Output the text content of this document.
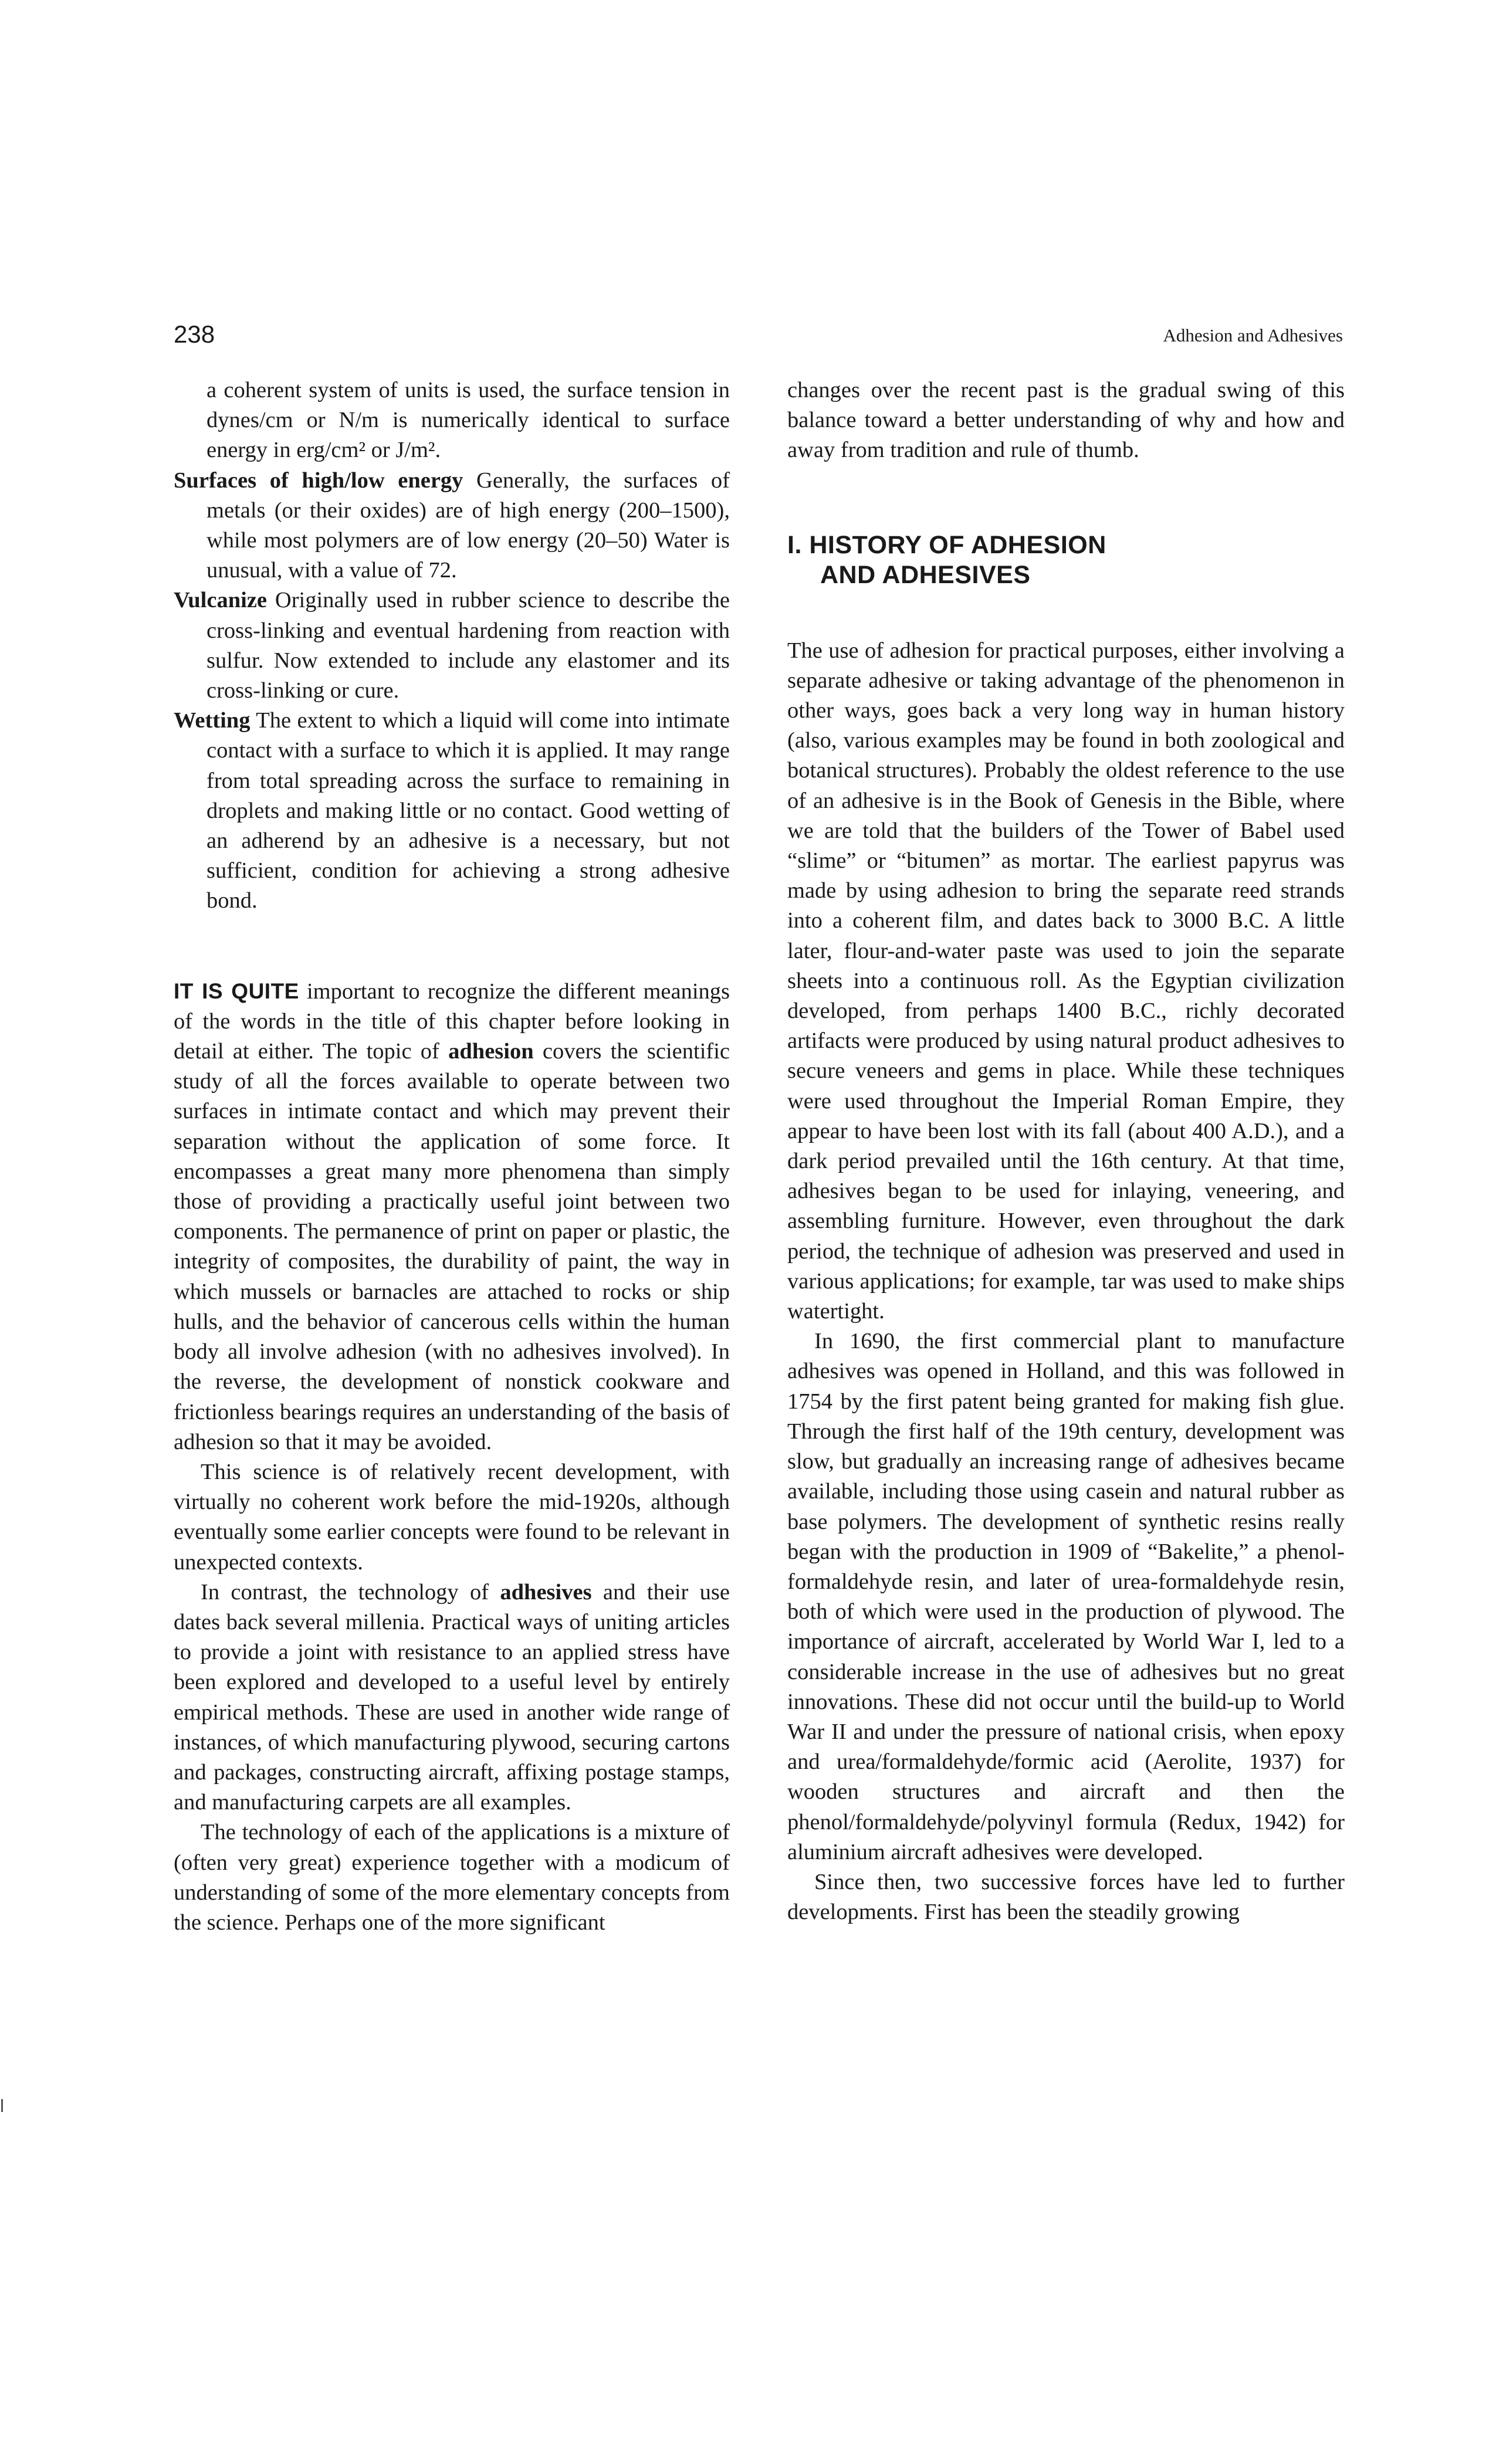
238	Adhesion and Adhesives

a coherent system of units is used, the surface tension in dynes/cm or N/m is numerically identical to surface energy in erg/cm² or J/m².

Surfaces of high/low energy Generally, the surfaces of metals (or their oxides) are of high energy (200–1500), while most polymers are of low energy (20–50) Water is unusual, with a value of 72.

Vulcanize Originally used in rubber science to describe the cross-linking and eventual hardening from reaction with sulfur. Now extended to include any elastomer and its cross-linking or cure.

Wetting The extent to which a liquid will come into intimate contact with a surface to which it is applied. It may range from total spreading across the surface to remaining in droplets and making little or no contact. Good wetting of an adherend by an adhesive is a necessary, but not sufficient, condition for achieving a strong adhesive bond.

IT IS QUITE important to recognize the different meanings of the words in the title of this chapter before looking in detail at either. The topic of adhesion covers the scientific study of all the forces available to operate between two surfaces in intimate contact and which may prevent their separation without the application of some force. It encompasses a great many more phenomena than simply those of providing a practically useful joint between two components. The permanence of print on paper or plastic, the integrity of composites, the durability of paint, the way in which mussels or barnacles are attached to rocks or ship hulls, and the behavior of cancerous cells within the human body all involve adhesion (with no adhesives involved). In the reverse, the development of nonstick cookware and frictionless bearings requires an understanding of the basis of adhesion so that it may be avoided.

This science is of relatively recent development, with virtually no coherent work before the mid-1920s, although eventually some earlier concepts were found to be relevant in unexpected contexts.

In contrast, the technology of adhesives and their use dates back several millenia. Practical ways of uniting articles to provide a joint with resistance to an applied stress have been explored and developed to a useful level by entirely empirical methods. These are used in another wide range of instances, of which manufacturing plywood, securing cartons and packages, constructing aircraft, affixing postage stamps, and manufacturing carpets are all examples.

The technology of each of the applications is a mixture of (often very great) experience together with a modicum of understanding of some of the more elementary concepts from the science. Perhaps one of the more significant

changes over the recent past is the gradual swing of this balance toward a better understanding of why and how and away from tradition and rule of thumb.

I. HISTORY OF ADHESION
AND ADHESIVES

The use of adhesion for practical purposes, either involving a separate adhesive or taking advantage of the phenomenon in other ways, goes back a very long way in human history (also, various examples may be found in both zoological and botanical structures). Probably the oldest reference to the use of an adhesive is in the Book of Genesis in the Bible, where we are told that the builders of the Tower of Babel used “slime” or “bitumen” as mortar. The earliest papyrus was made by using adhesion to bring the separate reed strands into a coherent film, and dates back to 3000 B.C. A little later, flour-and-water paste was used to join the separate sheets into a continuous roll. As the Egyptian civilization developed, from perhaps 1400 B.C., richly decorated artifacts were produced by using natural product adhesives to secure veneers and gems in place. While these techniques were used throughout the Imperial Roman Empire, they appear to have been lost with its fall (about 400 A.D.), and a dark period prevailed until the 16th century. At that time, adhesives began to be used for inlaying, veneering, and assembling furniture. However, even throughout the dark period, the technique of adhesion was preserved and used in various applications; for example, tar was used to make ships watertight.

In 1690, the first commercial plant to manufacture adhesives was opened in Holland, and this was followed in 1754 by the first patent being granted for making fish glue. Through the first half of the 19th century, development was slow, but gradually an increasing range of adhesives became available, including those using casein and natural rubber as base polymers. The development of synthetic resins really began with the production in 1909 of “Bakelite,” a phenol-formaldehyde resin, and later of urea-formaldehyde resin, both of which were used in the production of plywood. The importance of aircraft, accelerated by World War I, led to a considerable increase in the use of adhesives but no great innovations. These did not occur until the build-up to World War II and under the pressure of national crisis, when epoxy and urea/formaldehyde/formic acid (Aerolite, 1937) for wooden structures and aircraft and then the phenol/formaldehyde/polyvinyl formula (Redux, 1942) for aluminium aircraft adhesives were developed.

Since then, two successive forces have led to further developments. First has been the steadily growing
